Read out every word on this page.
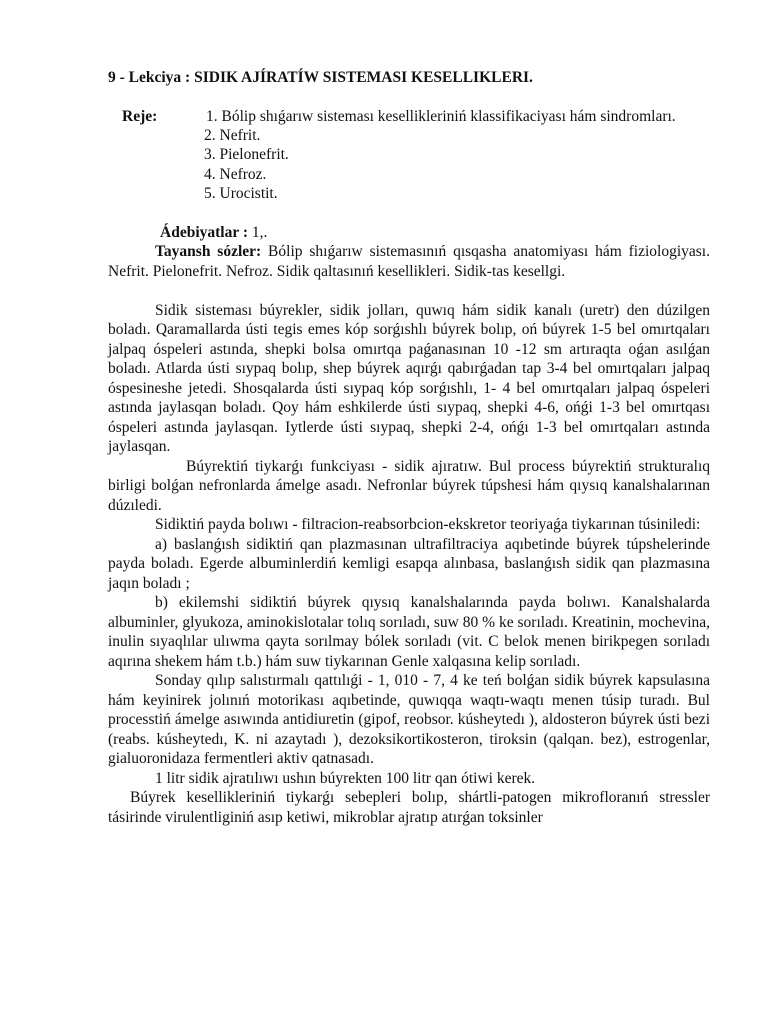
9 - Lekciya : SIDIK AJÍRATÍW SISTEMASI KESELLIKLERI.

Reje:	1. Bólip shıǵarıw sisteması kesellikleriniń klassifikaciyası hám sindromları.
2. Nefrit.
3. Pielonefrit.
4. Nefroz.
5. Urocistit.

Ádebiyatlar : 1,.

Tayansh sózler: Bólip shıǵarıw sistemasınıń qısqasha anatomiyası hám fiziologiyası. Nefrit. Pielonefrit. Nefroz. Sidik qaltasınıń kesellikleri. Sidik-tas kesellgi.

Sidik sisteması búyrekler, sidik jolları, quwıq hám sidik kanalı (uretr) den dúzilgen boladı. Qaramallarda ústi tegis emes kóp sorǵıshlı búyrek bolıp, oń búyrek 1-5 bel omırtqaları jalpaq óspeleri astında, shepki bolsa omırtqa paǵanasınan 10 -12 sm artıraqta oǵan asılǵan boladı. Atlarda ústi sıypaq bolıp, shep búyrek aqırǵı qabırǵadan tap 3-4 bel omırtqaları jalpaq óspesineshe jetedi. Shosqalarda ústi sıypaq kóp sorǵıshlı, 1- 4 bel omırtqaları jalpaq óspeleri astında jaylasqan boladı. Qoy hám eshkilerde ústi sıypaq, shepki 4-6, ońǵi 1-3 bel omırtqası óspeleri astında jaylasqan. Iytlerde ústi sıypaq, shepki 2-4, ońǵı 1-3 bel omırtqaları astında jaylasqan.

Búyrektiń tiykarǵı funkciyası - sidik ajıratıw. Bul process búyrektiń strukturalıq birligi bolǵan nefronlarda ámelge asadı. Nefronlar búyrek túpshesi hám qıysıq kanalshalarınan dúzıledi.

Sidiktiń payda bolıwı - filtracion-reabsorbcion-ekskretor teoriyaǵa tiykarınan túsiniledi:

a) baslanǵısh sidiktiń qan plazmasınan ultrafiltraciya aqıbetinde búyrek túpshelerinde payda boladı. Egerde albuminlerdiń kemligi esapqa alınbasa, baslanǵısh sidik qan plazmasına jaqın boladı ;

b) ekilemshi sidiktiń búyrek qıysıq kanalshalarında payda bolıwı. Kanalshalarda albuminler, glyukoza, aminokislotalar tolıq sorıladı, suw 80 % ke sorıladı. Kreatinin, mochevina, inulin sıyaqlılar ulıwma qayta sorılmay bólek sorıladı (vit. C belok menen birikpegen sorıladı aqırına shekem hám t.b.) hám suw tiykarınan Genle xalqasına kelip sorıladı.

Sonday qılıp salıstırmalı qattılıǵi - 1, 010 - 7, 4 ke teń bolǵan sidik búyrek kapsulasına hám keyinirek jolınıń motorikası aqıbetinde, quwıqqa waqtı-waqtı menen túsip turadı. Bul processtiń ámelge asıwında antidiuretin (gipof, reobsor. kúsheytedı ), aldosteron búyrek ústi bezi (reabs. kúsheytedı, K. ni azaytadı ), dezoksikortikosteron, tiroksin (qalqan. bez), estrogenlar, gialuoronidaza fermentleri aktiv qatnasadı.

1 litr sidik ajratılıwı ushın búyrekten 100 litr qan ótiwi kerek.

Búyrek kesellikleriniń tiykarǵı sebepleri bolıp, shártli-patogen mikrofloranıń stressler tásirinde virulentliginiń asıp ketiwi, mikroblar ajratıp atırǵan toksinler
